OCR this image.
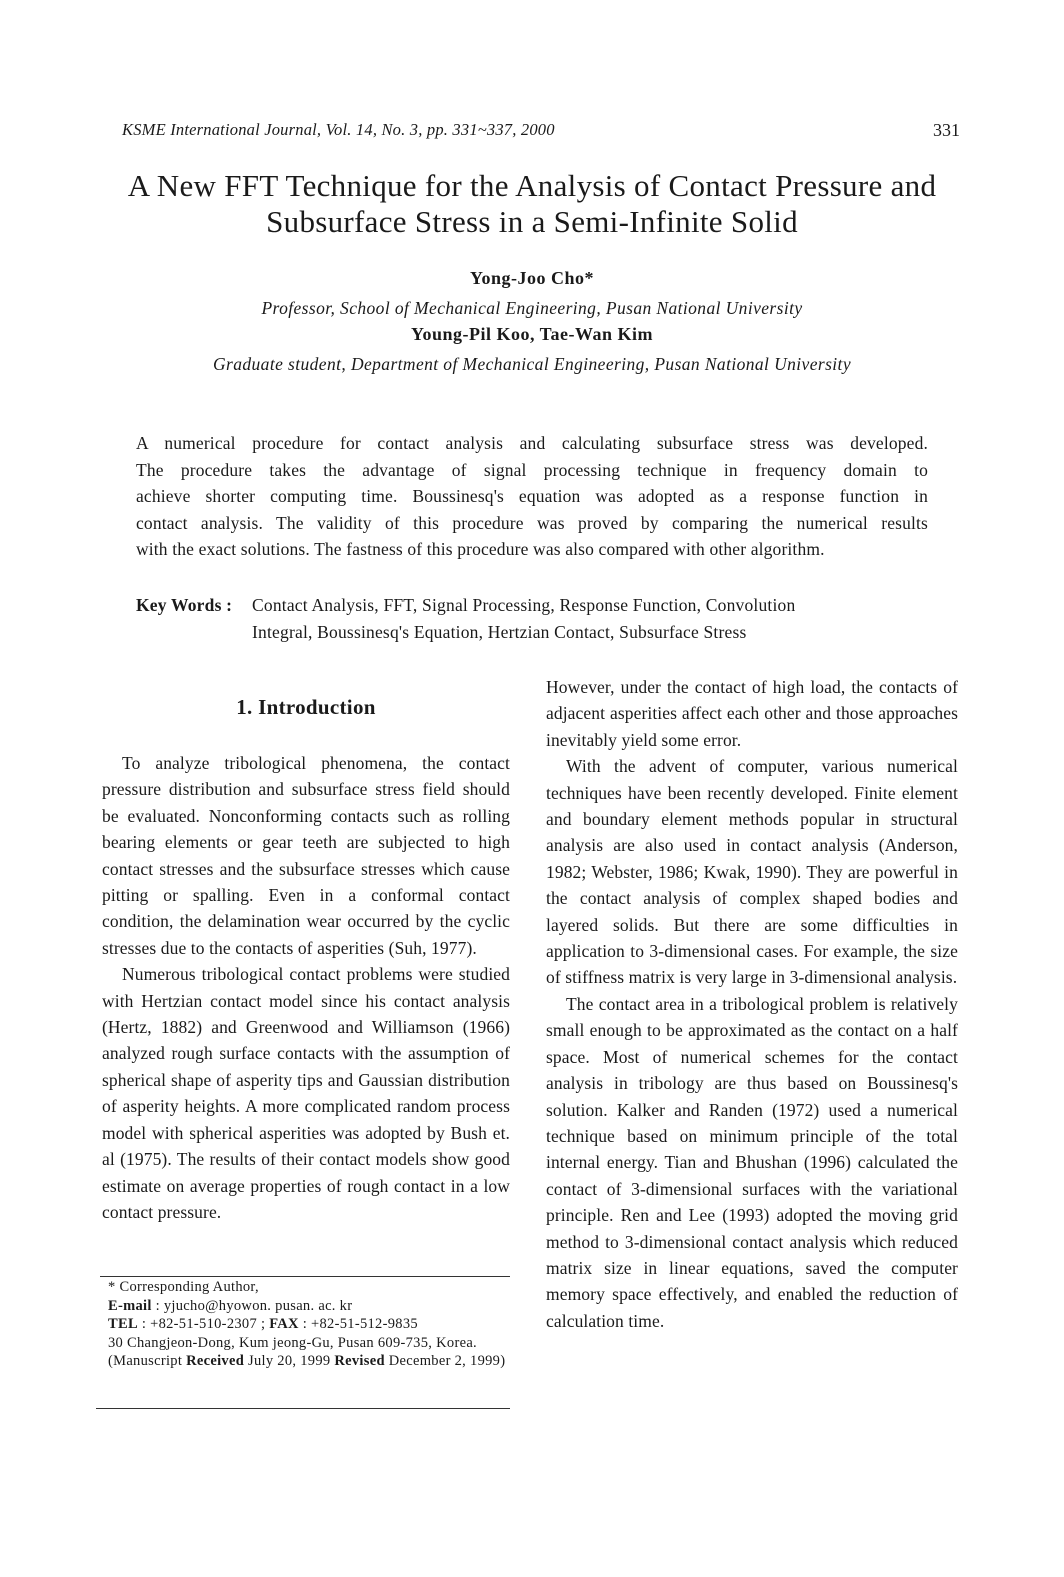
KSME International Journal, Vol. 14, No. 3, pp. 331~337, 2000	331
A New FFT Technique for the Analysis of Contact Pressure and
Subsurface Stress in a Semi-Infinite Solid
Yong-Joo Cho*
Professor, School of Mechanical Engineering, Pusan National University
Young-Pil Koo, Tae-Wan Kim
Graduate student, Department of Mechanical Engineering, Pusan National University
A numerical procedure for contact analysis and calculating subsurface stress was developed.
The procedure takes the advantage of signal processing technique in frequency domain to
achieve shorter computing time. Boussinesq's equation was adopted as a response function in
contact analysis. The validity of this procedure was proved by comparing the numerical results
with the exact solutions. The fastness of this procedure was also compared with other algorithm.
Key Words : Contact Analysis, FFT, Signal Processing, Response Function, Convolution
Integral, Boussinesq's Equation, Hertzian Contact, Subsurface Stress
1. Introduction

To analyze tribological phenomena, the contact pressure distribution and subsurface stress field should be evaluated. Nonconforming contacts such as rolling bearing elements or gear teeth are subjected to high contact stresses and the subsurface stresses which cause pitting or spalling. Even in a conformal contact condition, the delamination wear occurred by the cyclic stresses due to the contacts of asperities (Suh, 1977).

Numerous tribological contact problems were studied with Hertzian contact model since his contact analysis (Hertz, 1882) and Greenwood and Williamson (1966) analyzed rough surface contacts with the assumption of spherical shape of asperity tips and Gaussian distribution of asperity heights. A more complicated random process model with spherical asperities was adopted by Bush et. al (1975). The results of their contact models show good estimate on average properties of rough contact in a low contact pressure.

* Corresponding Author,
E-mail : yjucho@hyowon. pusan. ac. kr
TEL : +82-51-510-2307 ; FAX : +82-51-512-9835
30 Changjeon-Dong, Kum jeong-Gu, Pusan 609-735, Korea. (Manuscript Received July 20, 1999 Revised December 2, 1999)

However, under the contact of high load, the contacts of adjacent asperities affect each other and those approaches inevitably yield some error.

With the advent of computer, various numerical techniques have been recently developed. Finite element and boundary element methods popular in structural analysis are also used in contact analysis (Anderson, 1982; Webster, 1986; Kwak, 1990). They are powerful in the contact analysis of complex shaped bodies and layered solids. But there are some difficulties in application to 3-dimensional cases. For example, the size of stiffness matrix is very large in 3-dimensional analysis.

The contact area in a tribological problem is relatively small enough to be approximated as the contact on a half space. Most of numerical schemes for the contact analysis in tribology are thus based on Boussinesq's solution. Kalker and Randen (1972) used a numerical technique based on minimum principle of the total internal energy. Tian and Bhushan (1996) calculated the contact of 3-dimensional surfaces with the variational principle. Ren and Lee (1993) adopted the moving grid method to 3-dimensional contact analysis which reduced matrix size in linear equations, saved the computer memory space effectively, and enabled the reduction of calculation time.
